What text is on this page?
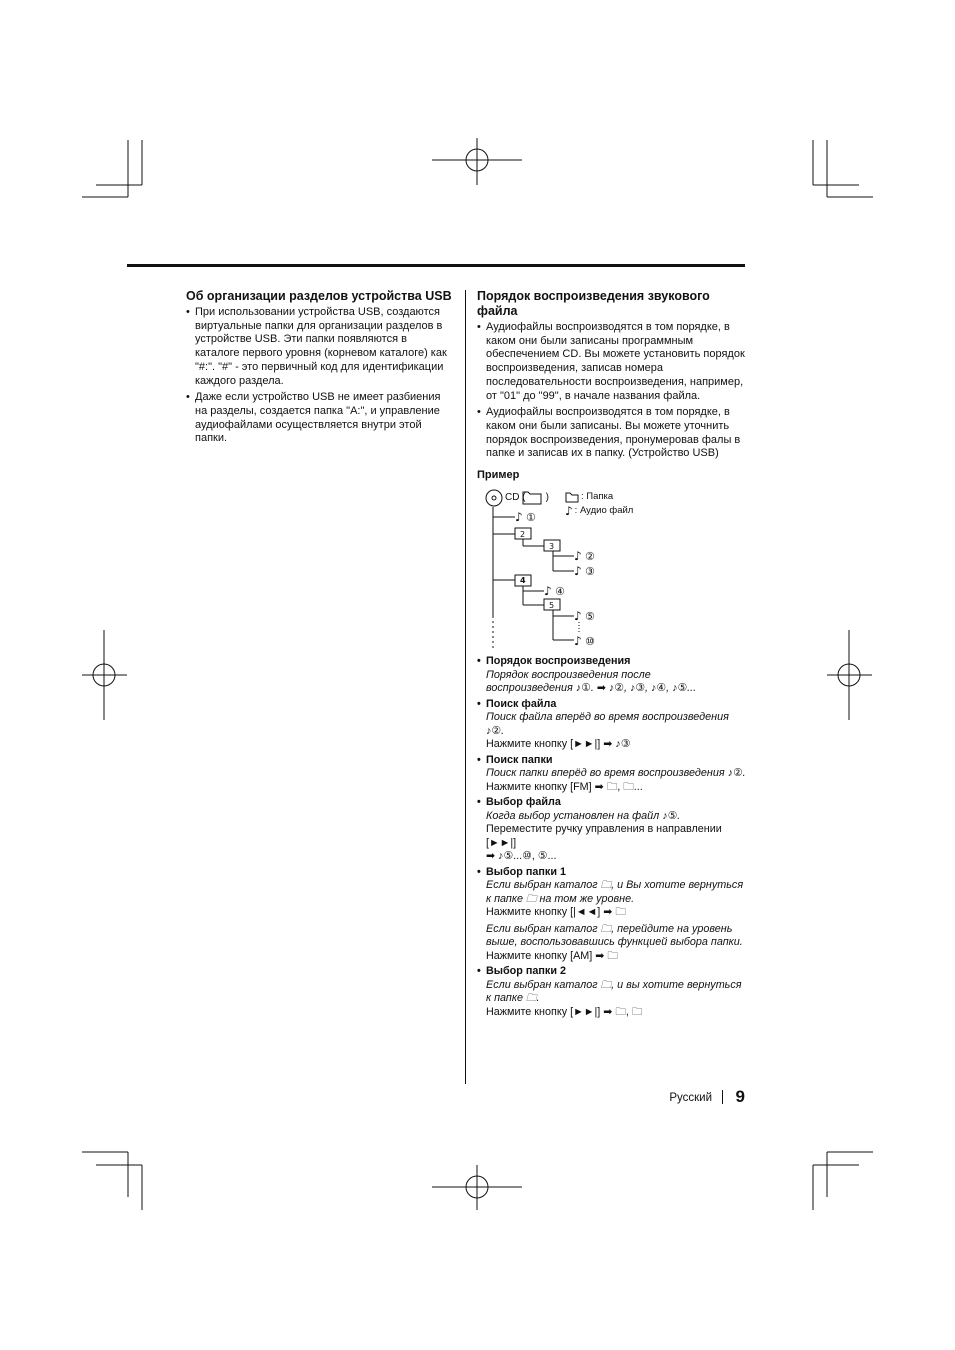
Об организации разделов устройства USB
• При использовании устройства USB, создаются виртуальные папки для организации разделов в устройстве USB. Эти папки появляются в каталоге первого уровня (корневом каталоге) как "#:". "#" - это первичный код для идентификации каждого раздела.
• Даже если устройство USB не имеет разбиения на разделы, создается папка "A:", и управление аудиофайлами осуществляется внутри этой папки.
Порядок воспроизведения звукового файла
• Аудиофайлы воспроизводятся в том порядке, в каком они были записаны программным обеспечением CD. Вы можете установить порядок воспроизведения, записав номера последовательности воспроизведения, например, от "01" до "99", в начале названия файла.
• Аудиофайлы воспроизводятся в том порядке, в каком они были записаны. Вы можете уточнить порядок воспроизведения, пронумеровав фалы в папке и записав их в папку. (Устройство USB)
Пример
2
3
4
5
♪ ①
♪ ②
♪ ③
♪ ④
♪ ⑤
♪ ⑩
CD ( )	: Папка
♪ : Аудио файл
• Порядок воспроизведения
Порядок воспроизведения после
воспроизведения ♪①. ➡ ♪②, ♪③, ♪④, ♪⑤...
• Поиск файла
Поиск файла вперёд во время воспроизведения ♪②.
Нажмите кнопку [►►|] ➡ ♪③
• Поиск папки
Поиск папки вперёд во время воспроизведения ♪②.
Нажмите кнопку [FM] ➡ 🗀, 🗀...
• Выбор файла
Когда выбор установлен на файл ♪⑤.
Переместите ручку управления в направлении [►►|]
➡ ♪⑤...⑩, ⑤...
• Выбор папки 1
Если выбран каталог 🗀, и Вы хотите вернуться к папке 🗀 на том же уровне.
Нажмите кнопку [|◄◄] ➡ 🗀
Если выбран каталог 🗀, перейдите на уровень выше, воспользовавшись функцией выбора папки.
Нажмите кнопку [AM] ➡ 🗀
• Выбор папки 2
Если выбран каталог 🗀, и вы хотите вернуться к папке 🗀.
Нажмите кнопку [►►|] ➡ 🗀, 🗀
Русский 9
